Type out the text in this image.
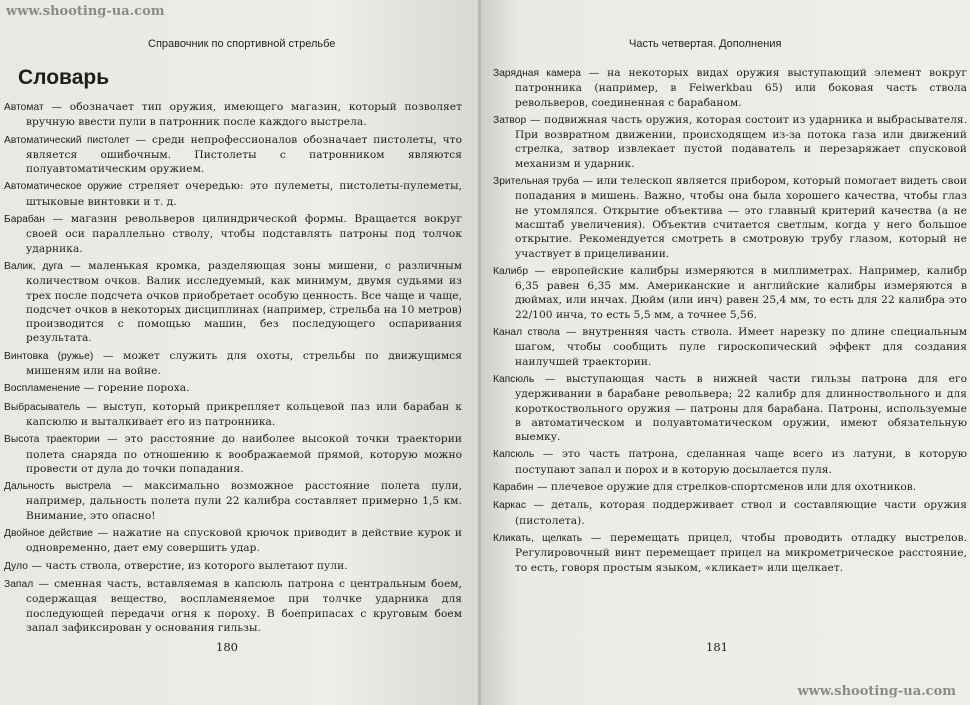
www.shooting-ua.com
Справочник по спортивной стрельбе
Словарь

Автомат — обозначает тип оружия, имеющего магазин, который позволяет вручную ввести пули в патронник после каждого выстрела.

Автоматический пистолет — среди непрофессионалов обозначает пистолеты, что является ошибочным. Пистолеты с патронником являются полуавтоматическим оружием.

Автоматическое оружие стреляет очередью: это пулеметы, пистолеты-пулеметы, штыковые винтовки и т. д.

Барабан — магазин револьверов цилиндрической формы. Вращается вокруг своей оси параллельно стволу, чтобы подставлять патроны под толчок ударника.

Валик, дуга — маленькая кромка, разделяющая зоны мишени, с различным количеством очков. Валик исследуемый, как минимум, двумя судьями из трех после подсчета очков приобретает особую ценность. Все чаще и чаще, подсчет очков в некоторых дисциплинах (например, стрельба на 10 метров) производится с помощью машин, без последующего оспаривания результата.

Винтовка (ружье) — может служить для охоты, стрельбы по движущимся мишеням или на войне.

Воспламенение — горение пороха.

Выбрасыватель — выступ, который прикрепляет кольцевой паз или барабан к капсюлю и выталкивает его из патронника.

Высота траектории — это расстояние до наиболее высокой точки траектории полета снаряда по отношению к воображаемой прямой, которую можно провести от дула до точки попадания.

Дальность выстрела — максимально возможное расстояние полета пули, например, дальность полета пули 22 калибра составляет примерно 1,5 км. Внимание, это опасно!

Двойное действие — нажатие на спусковой крючок приводит в действие курок и одновременно, дает ему совершить удар.

Дуло — часть ствола, отверстие, из которого вылетают пули.

Запал — сменная часть, вставляемая в капсюль патрона с центральным боем, содержащая вещество, воспламеняемое при толчке ударника для последующей передачи огня к пороху. В боеприпасах с круговым боем запал зафиксирован у основания гильзы.

180
Часть четвертая. Дополнения

Зарядная камера — на некоторых видах оружия выступающий элемент вокруг патронника (например, в Feiwerkbau 65) или боковая часть ствола револьверов, соединенная с барабаном.

Затвор — подвижная часть оружия, которая состоит из ударника и выбрасывателя. При возвратном движении, происходящем из-за потока газа или движений стрелка, затвор извлекает пустой подаватель и перезаряжает спусковой механизм и ударник.

Зрительная труба — или телескоп является прибором, который помогает видеть свои попадания в мишень. Важно, чтобы она была хорошего качества, чтобы глаз не утомлялся. Открытие объектива — это главный критерий качества (а не масштаб увеличения). Объектив считается светлым, когда у него большое открытие. Рекомендуется смотреть в смотровую трубу глазом, который не участвует в прицеливании.

Калибр — европейские калибры измеряются в миллиметрах. Например, калибр 6,35 равен 6,35 мм. Американские и английские калибры измеряются в дюймах, или инчах. Дюйм (или инч) равен 25,4 мм, то есть для 22 калибра это 22/100 инча, то есть 5,5 мм, а точнее 5,56.

Канал ствола — внутренняя часть ствола. Имеет нарезку по длине специальным шагом, чтобы сообщить пуле гироскопический эффект для создания наилучшей траектории.

Капсюль — выступающая часть в нижней части гильзы патрона для его удерживании в барабане револьвера; 22 калибр для длинноствольного и для короткоствольного оружия — патроны для барабана. Патроны, используемые в автоматическом и полуавтоматическом оружии, имеют обязательную выемку.

Капсюль — это часть патрона, сделанная чаще всего из латуни, в которую поступают запал и порох и в которую досылается пуля.

Карабин — плечевое оружие для стрелков-спортсменов или для охотников.

Каркас — деталь, которая поддерживает ствол и составляющие части оружия (пистолета).

Кликать, щелкать — перемещать прицел, чтобы проводить отладку выстрелов. Регулировочный винт перемещает прицел на микрометрическое расстояние, то есть, говоря простым языком, «кликает» или щелкает.

181
www.shooting-ua.com
